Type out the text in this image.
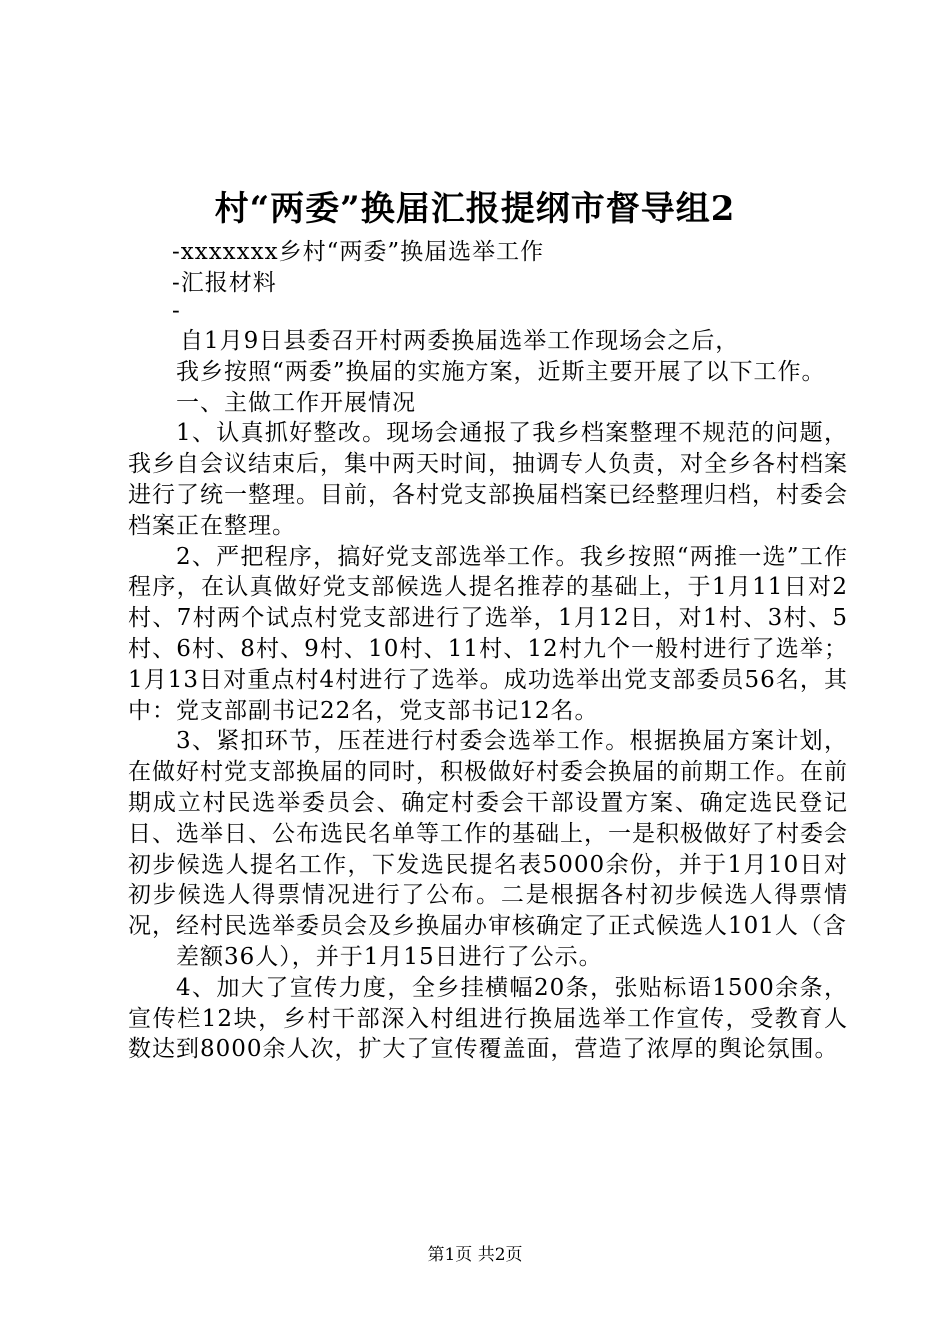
村“两委”换届汇报提纲市督导组2
-xxxxxxx乡村“两委”换届选举工作
-汇报材料
-

自1月9日县委召开村两委换届选举工作现场会之后，

我乡按照“两委”换届的实施方案，近斯主要开展了以下工作。

一、主做工作开展情况

1、认真抓好整改。现场会通报了我乡档案整理不规范的问题，我乡自会议结束后，集中两天时间，抽调专人负责，对全乡各村档案进行了统一整理。目前，各村党支部换届档案已经整理归档，村委会档案正在整理。

2、严把程序，搞好党支部选举工作。我乡按照“两推一选”工作程序，在认真做好党支部候选人提名推荐的基础上，于1月11日对2村、7村两个试点村党支部进行了选举，1月12日，对1村、3村、5村、6村、8村、9村、10村、11村、12村九个一般村进行了选举；1月13日对重点村4村进行了选举。成功选举出党支部委员56名，其中：党支部副书记22名，党支部书记12名。

3、紧扣环节，压茬进行村委会选举工作。根据换届方案计划，在做好村党支部换届的同时，积极做好村委会换届的前期工作。在前期成立村民选举委员会、确定村委会干部设置方案、确定选民登记日、选举日、公布选民名单等工作的基础上，一是积极做好了村委会初步候选人提名工作，下发选民提名表5000余份，并于1月10日对初步候选人得票情况进行了公布。二是根据各村初步候选人得票情况，经村民选举委员会及乡换届办审核确定了正式候选人101人（含

差额36人），并于1月15日进行了公示。

4、加大了宣传力度，全乡挂横幅20条，张贴标语1500余条，宣传栏12块，乡村干部深入村组进行换届选举工作宣传，受教育人数达到8000余人次，扩大了宣传覆盖面，营造了浓厚的舆论氛围。

第1页 共2页
